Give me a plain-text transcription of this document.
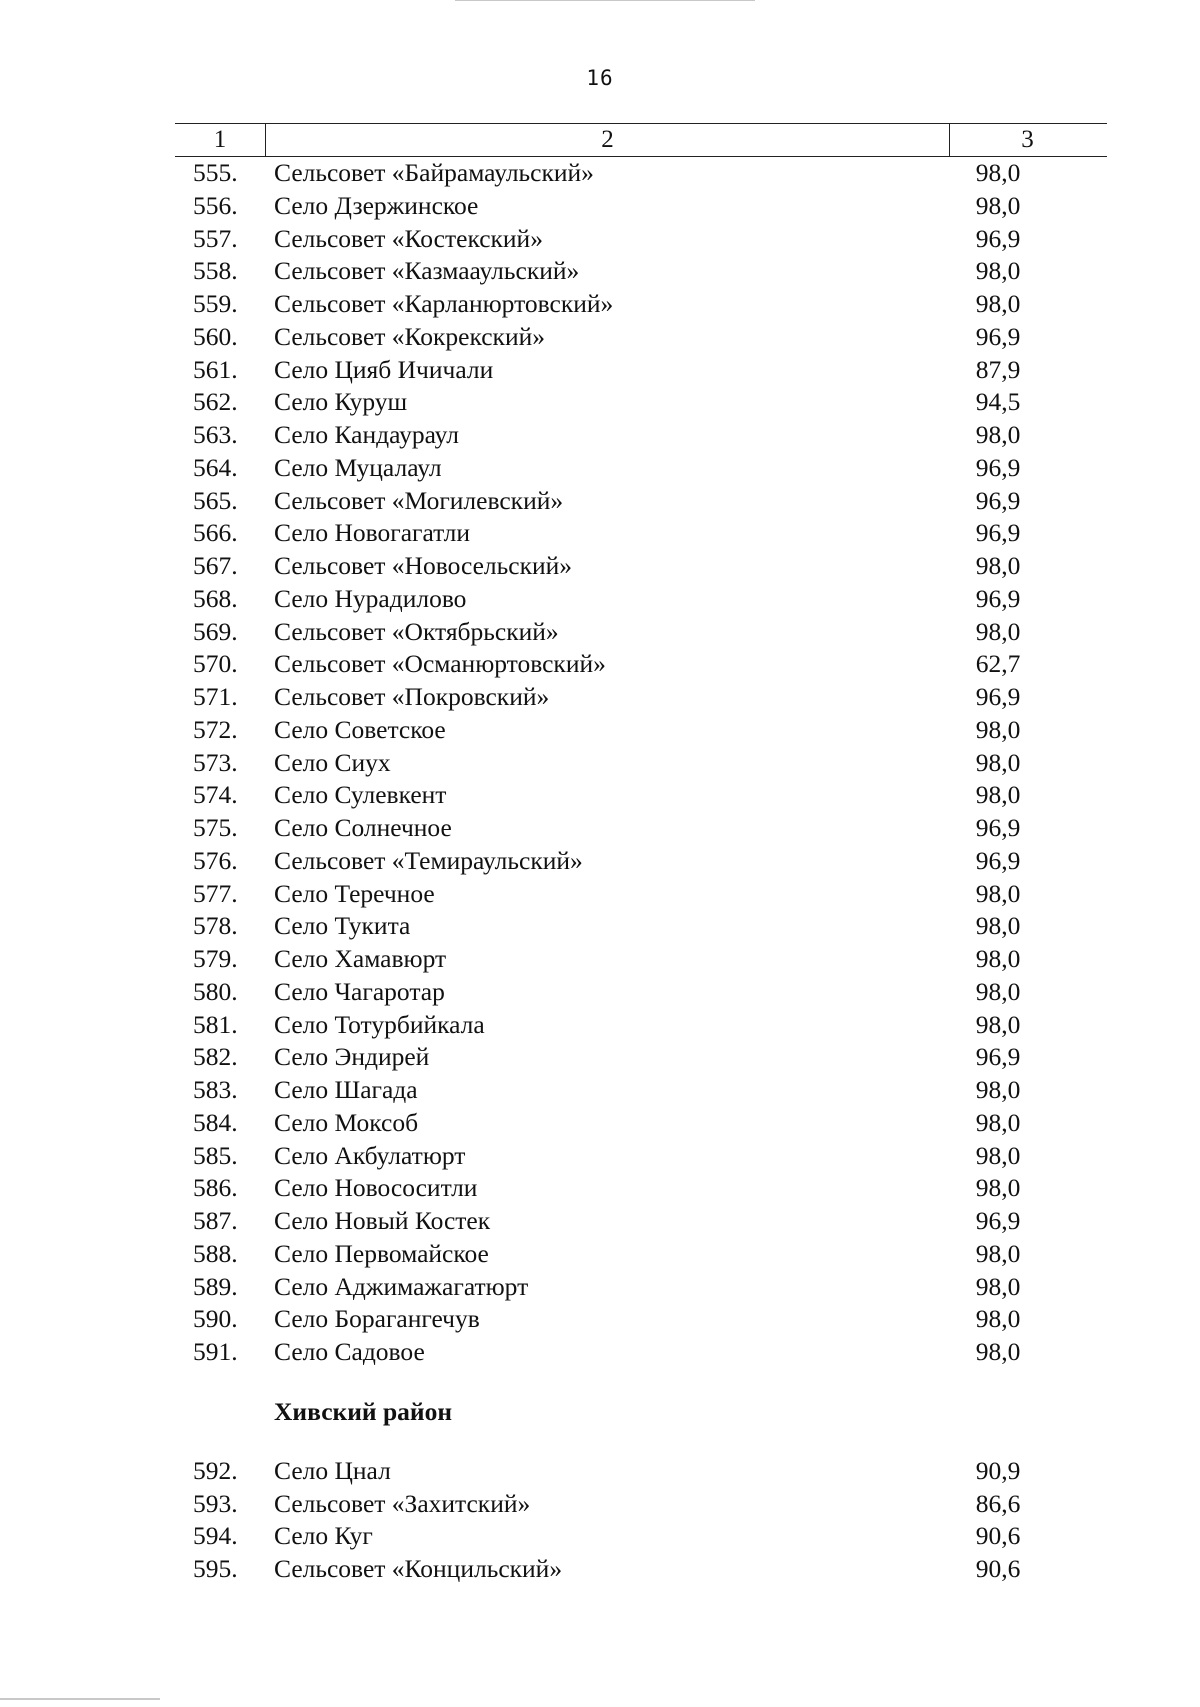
16
1	2	3
555. Сельсовет «Байрамаульский»	98,0
556. Село Дзержинское	98,0
557. Сельсовет «Костекский»	96,9
558. Сельсовет «Казмааульский»	98,0
559. Сельсовет «Карланюртовский»	98,0
560. Сельсовет «Кокрекский»	96,9
561. Село Цияб Ичичали	87,9
562. Село Куруш	94,5
563. Село Кандаураул	98,0
564. Село Муцалаул	96,9
565. Сельсовет «Могилевский»	96,9
566. Село Новогагатли	96,9
567. Сельсовет «Новосельский»	98,0
568. Село Нурадилово	96,9
569. Сельсовет «Октябрьский»	98,0
570. Сельсовет «Османюртовский»	62,7
571. Сельсовет «Покровский»	96,9
572. Село Советское	98,0
573. Село Сиух	98,0
574. Село Сулевкент	98,0
575. Село Солнечное	96,9
576. Сельсовет «Темираульский»	96,9
577. Село Теречное	98,0
578. Село Тукита	98,0
579. Село Хамавюрт	98,0
580. Село Чагаротар	98,0
581. Село Тотурбийкала	98,0
582. Село Эндирей	96,9
583. Село Шагада	98,0
584. Село Моксоб	98,0
585. Село Акбулатюрт	98,0
586. Село Новососитли	98,0
587. Село Новый Костек	96,9
588. Село Первомайское	98,0
589. Село Аджимажагатюрт	98,0
590. Село Борагангечув	98,0
591. Село Садовое	98,0
Хивский район
592. Село Цнал	90,9
593. Сельсовет «Захитский»	86,6
594. Село Куг	90,6
595. Сельсовет «Концильский»	90,6
